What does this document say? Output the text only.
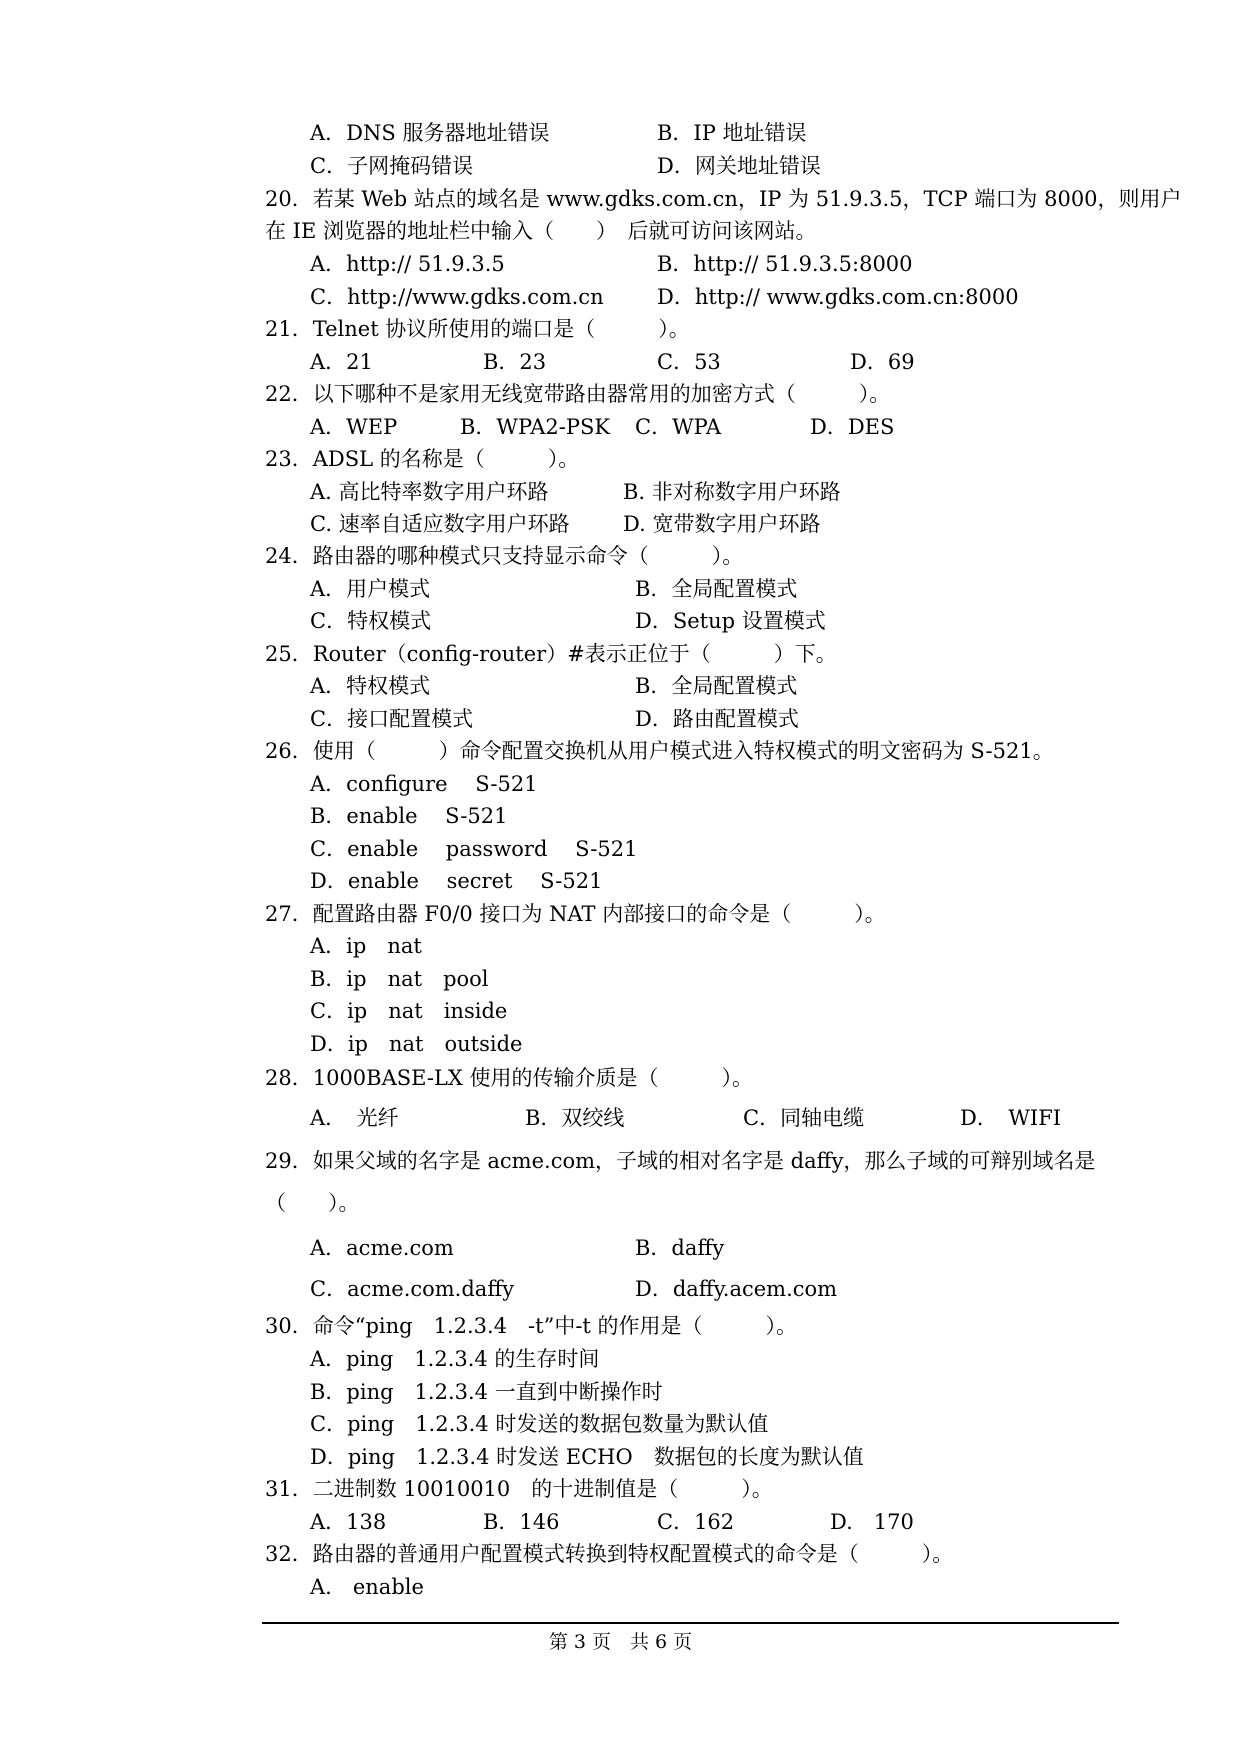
A．DNS 服务器地址错误	B．IP 地址错误
C．子网掩码错误	D．网关地址错误
20．若某 Web 站点的域名是 www.gdks.com.cn，IP 为 51.9.3.5，TCP 端口为 8000，则用户
在 IE 浏览器的地址栏中输入（　　）　后就可访问该网站。
A．http:// 51.9.3.5	B．http:// 51.9.3.5:8000
C．http://www.gdks.com.cn	D．http:// www.gdks.com.cn:8000
21．Telnet 协议所使用的端口是（　　　）。
A．21	B．23	C．53	D．69
22．以下哪种不是家用无线宽带路由器常用的加密方式（　　　）。
A．WEP	B．WPA2-PSK C．WPA	D．DES
23．ADSL 的名称是（　　　）。
A. 高比特率数字用户环路	B. 非对称数字用户环路
C. 速率自适应数字用户环路	D. 宽带数字用户环路
24．路由器的哪种模式只支持显示命令（　　　）。
A．用户模式	B．全局配置模式
C．特权模式	D．Setup 设置模式
25．Router（config-router）#表示正位于（　　　）下。
A．特权模式	B．全局配置模式
C．接口配置模式	D．路由配置模式
26．使用（　　　）命令配置交换机从用户模式进入特权模式的明文密码为 S-521。
A．configure　 S-521
B．enable　 S-521
C．enable　 password　 S-521
D．enable　 secret　 S-521
27．配置路由器 F0/0 接口为 NAT 内部接口的命令是（　　　）。
A．ip　nat
B．ip　nat　pool
C．ip　nat　inside
D．ip　nat　outside
28．1000BASE-LX 使用的传输介质是（　　　）。
A．　光纤	B．双绞线	C．同轴电缆	D．　WIFI
29．如果父域的名字是 acme.com，子域的相对名字是 daffy，那么子域的可辩别域名是
（　　）。
A．acme.com	B．daffy
C．acme.com.daffy	D．daffy.acem.com
30．命令“ping　1.2.3.4　-t”中-t 的作用是（　　　）。
A．ping　1.2.3.4 的生存时间
B．ping　1.2.3.4 一直到中断操作时
C．ping　1.2.3.4 时发送的数据包数量为默认值
D．ping　1.2.3.4 时发送 ECHO　数据包的长度为默认值
31．二进制数 10010010　的十进制值是（　　　）。
A．138	B．146	C．162	D.　170
32．路由器的普通用户配置模式转换到特权配置模式的命令是（　　　）。
A.　enable
第 3 页　共 6 页
